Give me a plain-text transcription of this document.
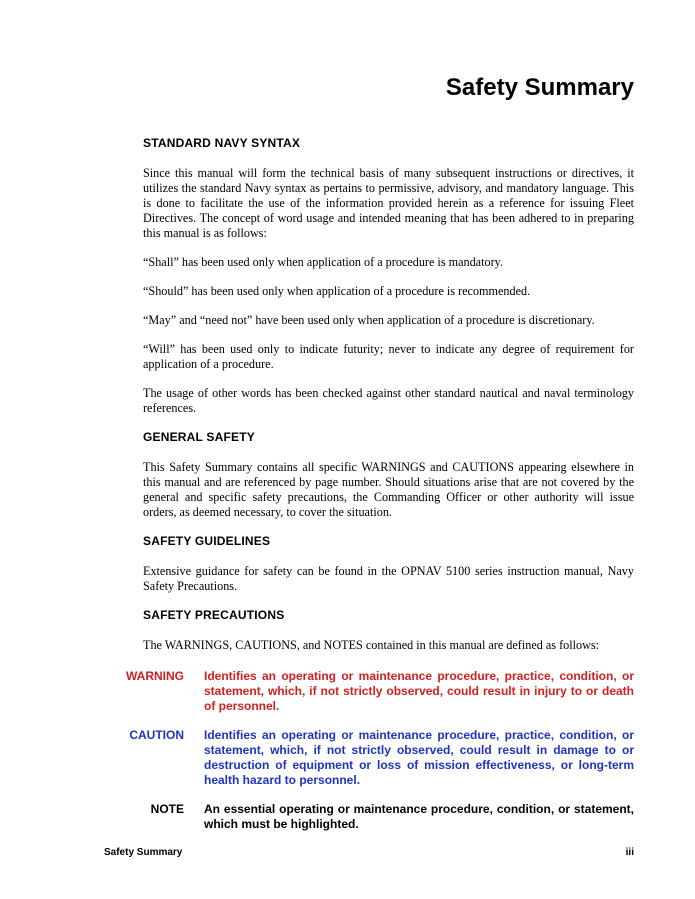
Safety Summary
STANDARD NAVY SYNTAX

Since this manual will form the technical basis of many subsequent instructions or directives, it utilizes the standard Navy syntax as pertains to permissive, advisory, and mandatory language. This is done to facilitate the use of the information provided herein as a reference for issuing Fleet Directives. The concept of word usage and intended meaning that has been adhered to in preparing this manual is as follows:

“Shall” has been used only when application of a procedure is mandatory.

“Should” has been used only when application of a procedure is recommended.

“May” and “need not” have been used only when application of a procedure is discretionary.

“Will” has been used only to indicate futurity; never to indicate any degree of requirement for application of a procedure.

The usage of other words has been checked against other standard nautical and naval terminology references.

GENERAL SAFETY

This Safety Summary contains all specific WARNINGS and CAUTIONS appearing elsewhere in this manual and are referenced by page number. Should situations arise that are not covered by the general and specific safety precautions, the Commanding Officer or other authority will issue orders, as deemed necessary, to cover the situation.

SAFETY GUIDELINES

Extensive guidance for safety can be found in the OPNAV 5100 series instruction manual, Navy Safety Precautions.

SAFETY PRECAUTIONS

The WARNINGS, CAUTIONS, and NOTES contained in this manual are defined as follows:

WARNING	Identifies an operating or maintenance procedure, practice, condition, or statement, which, if not strictly observed, could result in injury to or death of personnel.
CAUTION	Identifies an operating or maintenance procedure, practice, condition, or statement, which, if not strictly observed, could result in damage to or destruction of equipment or loss of mission effectiveness, or long-term health hazard to personnel.
NOTE	An essential operating or maintenance procedure, condition, or statement, which must be highlighted.
Safety Summary	iii
